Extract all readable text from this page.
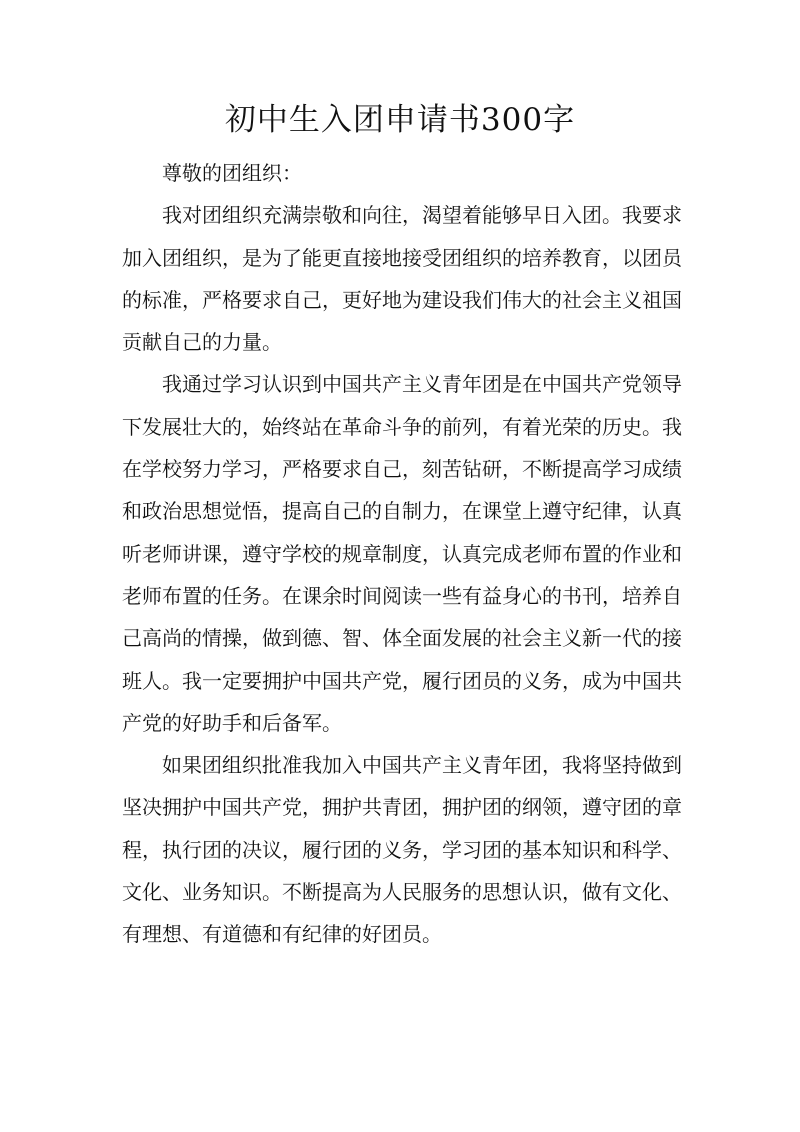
初中生入团申请书300字

尊敬的团组织：

我对团组织充满崇敬和向往，渴望着能够早日入团。我要求加入团组织，是为了能更直接地接受团组织的培养教育，以团员的标准，严格要求自己，更好地为建设我们伟大的社会主义祖国贡献自己的力量。

我通过学习认识到中国共产主义青年团是在中国共产党领导下发展壮大的，始终站在革命斗争的前列，有着光荣的历史。我在学校努力学习，严格要求自己，刻苦钻研，不断提高学习成绩和政治思想觉悟，提高自己的自制力，在课堂上遵守纪律，认真听老师讲课，遵守学校的规章制度，认真完成老师布置的作业和老师布置的任务。在课余时间阅读一些有益身心的书刊，培养自己高尚的情操，做到德、智、体全面发展的社会主义新一代的接班人。我一定要拥护中国共产党，履行团员的义务，成为中国共产党的好助手和后备军。

如果团组织批准我加入中国共产主义青年团，我将坚持做到坚决拥护中国共产党，拥护共青团，拥护团的纲领，遵守团的章程，执行团的决议，履行团的义务，学习团的基本知识和科学、文化、业务知识。不断提高为人民服务的思想认识，做有文化、有理想、有道德和有纪律的好团员。
